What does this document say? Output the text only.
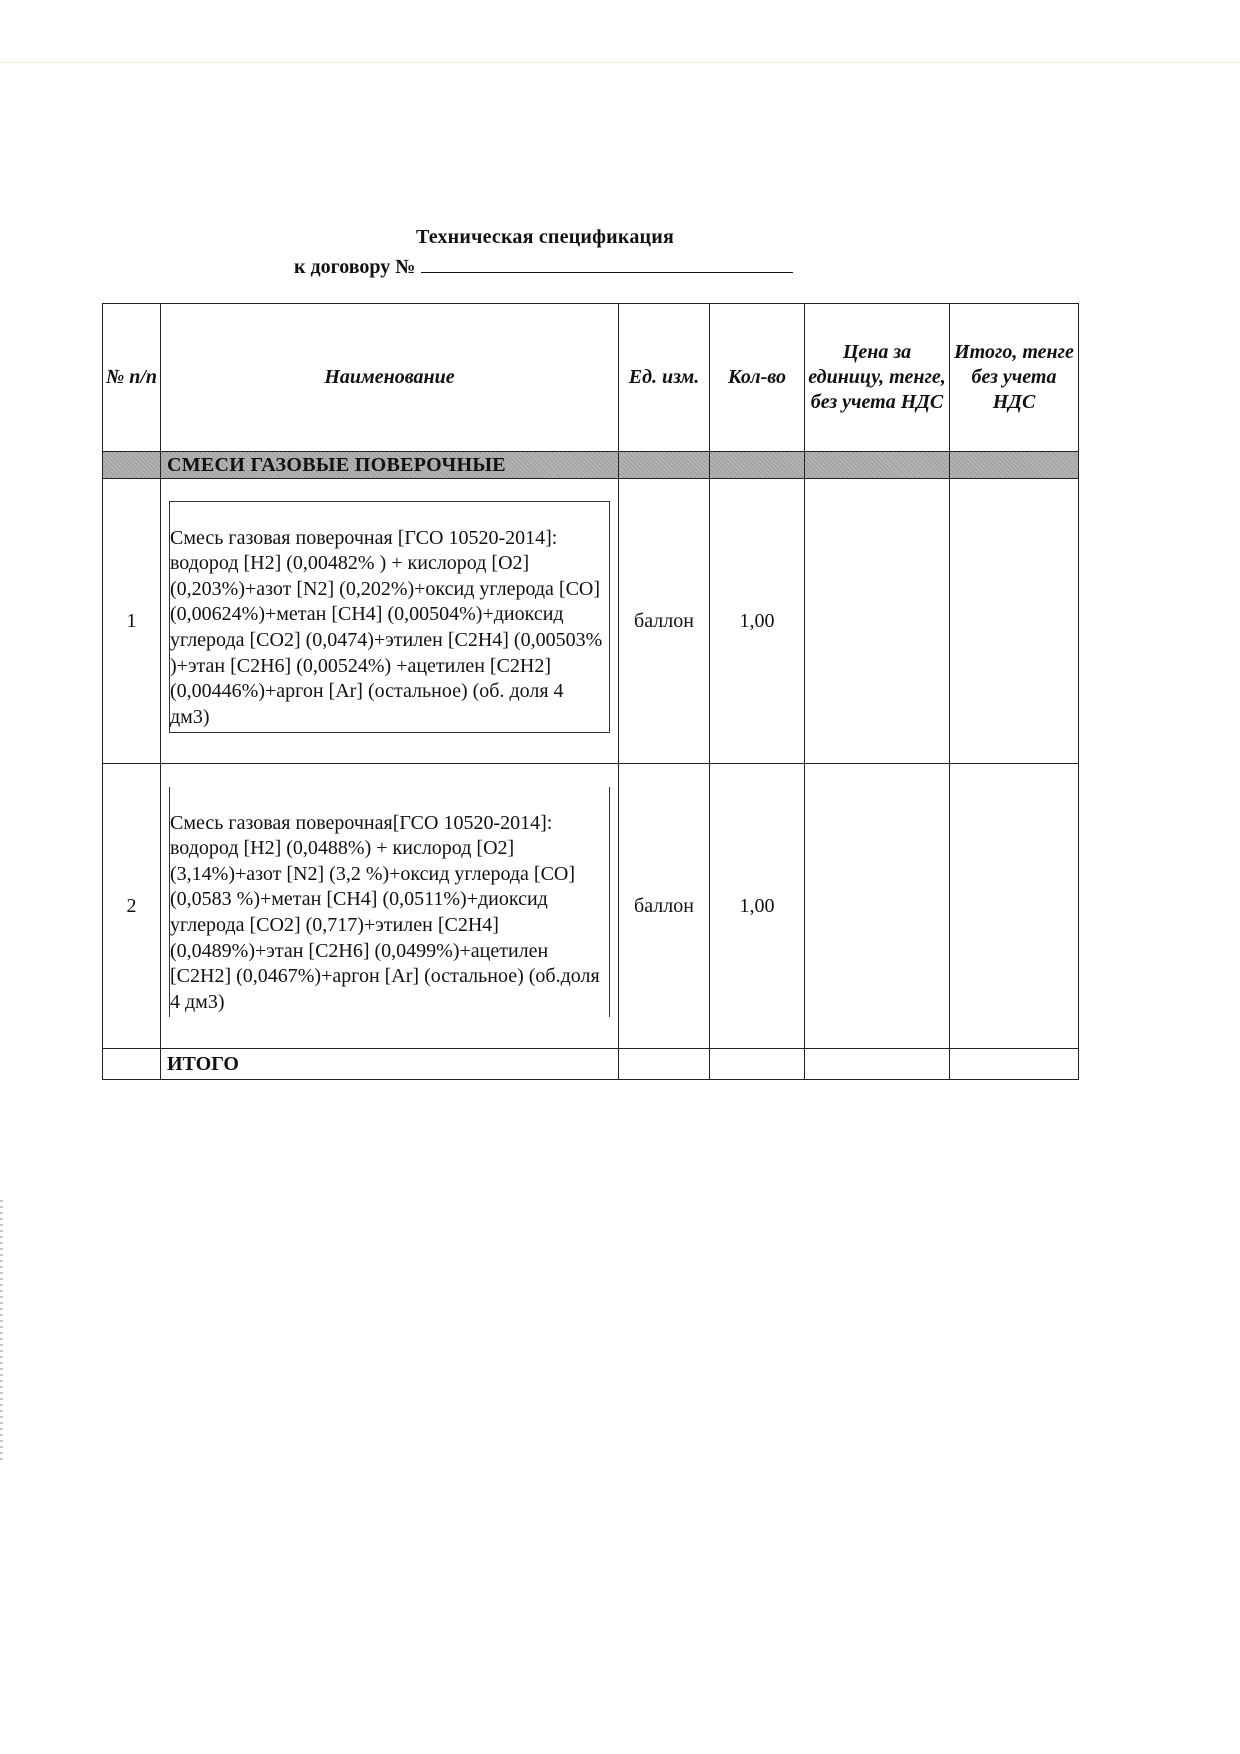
Техническая спецификация
к договору №
№ п/п	Наименование	Ед. изм.	Кол-во	Цена за единицу, тенге, без учета НДС	Итого, тенге без учета НДС
	СМЕСИ ГАЗОВЫЕ ПОВЕРОЧНЫЕ				
1	Смесь газовая поверочная [ГСО 10520-2014]: водород [Н2] (0,00482% ) + кислород [О2] (0,203%)+азот [N2] (0,202%)+оксид углерода [СО] (0,00624%)+метан [СН4] (0,00504%)+диоксид углерода [СО2] (0,0474)+этилен [С2Н4] (0,00503% )+этан [С2Н6] (0,00524%) +ацетилен [С2Н2] (0,00446%)+аргон [Ar] (остальное) (об. доля 4 дм3)	баллон	1,00		
2	Смесь газовая поверочная[ГСО 10520-2014]: водород [Н2] (0,0488%) + кислород [О2] (3,14%)+азот [N2] (3,2 %)+оксид углерода [СО] (0,0583 %)+метан [СН4] (0,0511%)+диоксид углерода [СО2] (0,717)+этилен [С2Н4] (0,0489%)+этан [С2Н6] (0,0499%)+ацетилен [С2Н2] (0,0467%)+аргон [Ar] (остальное) (об.доля 4 дм3)	баллон	1,00		
	ИТОГО				
